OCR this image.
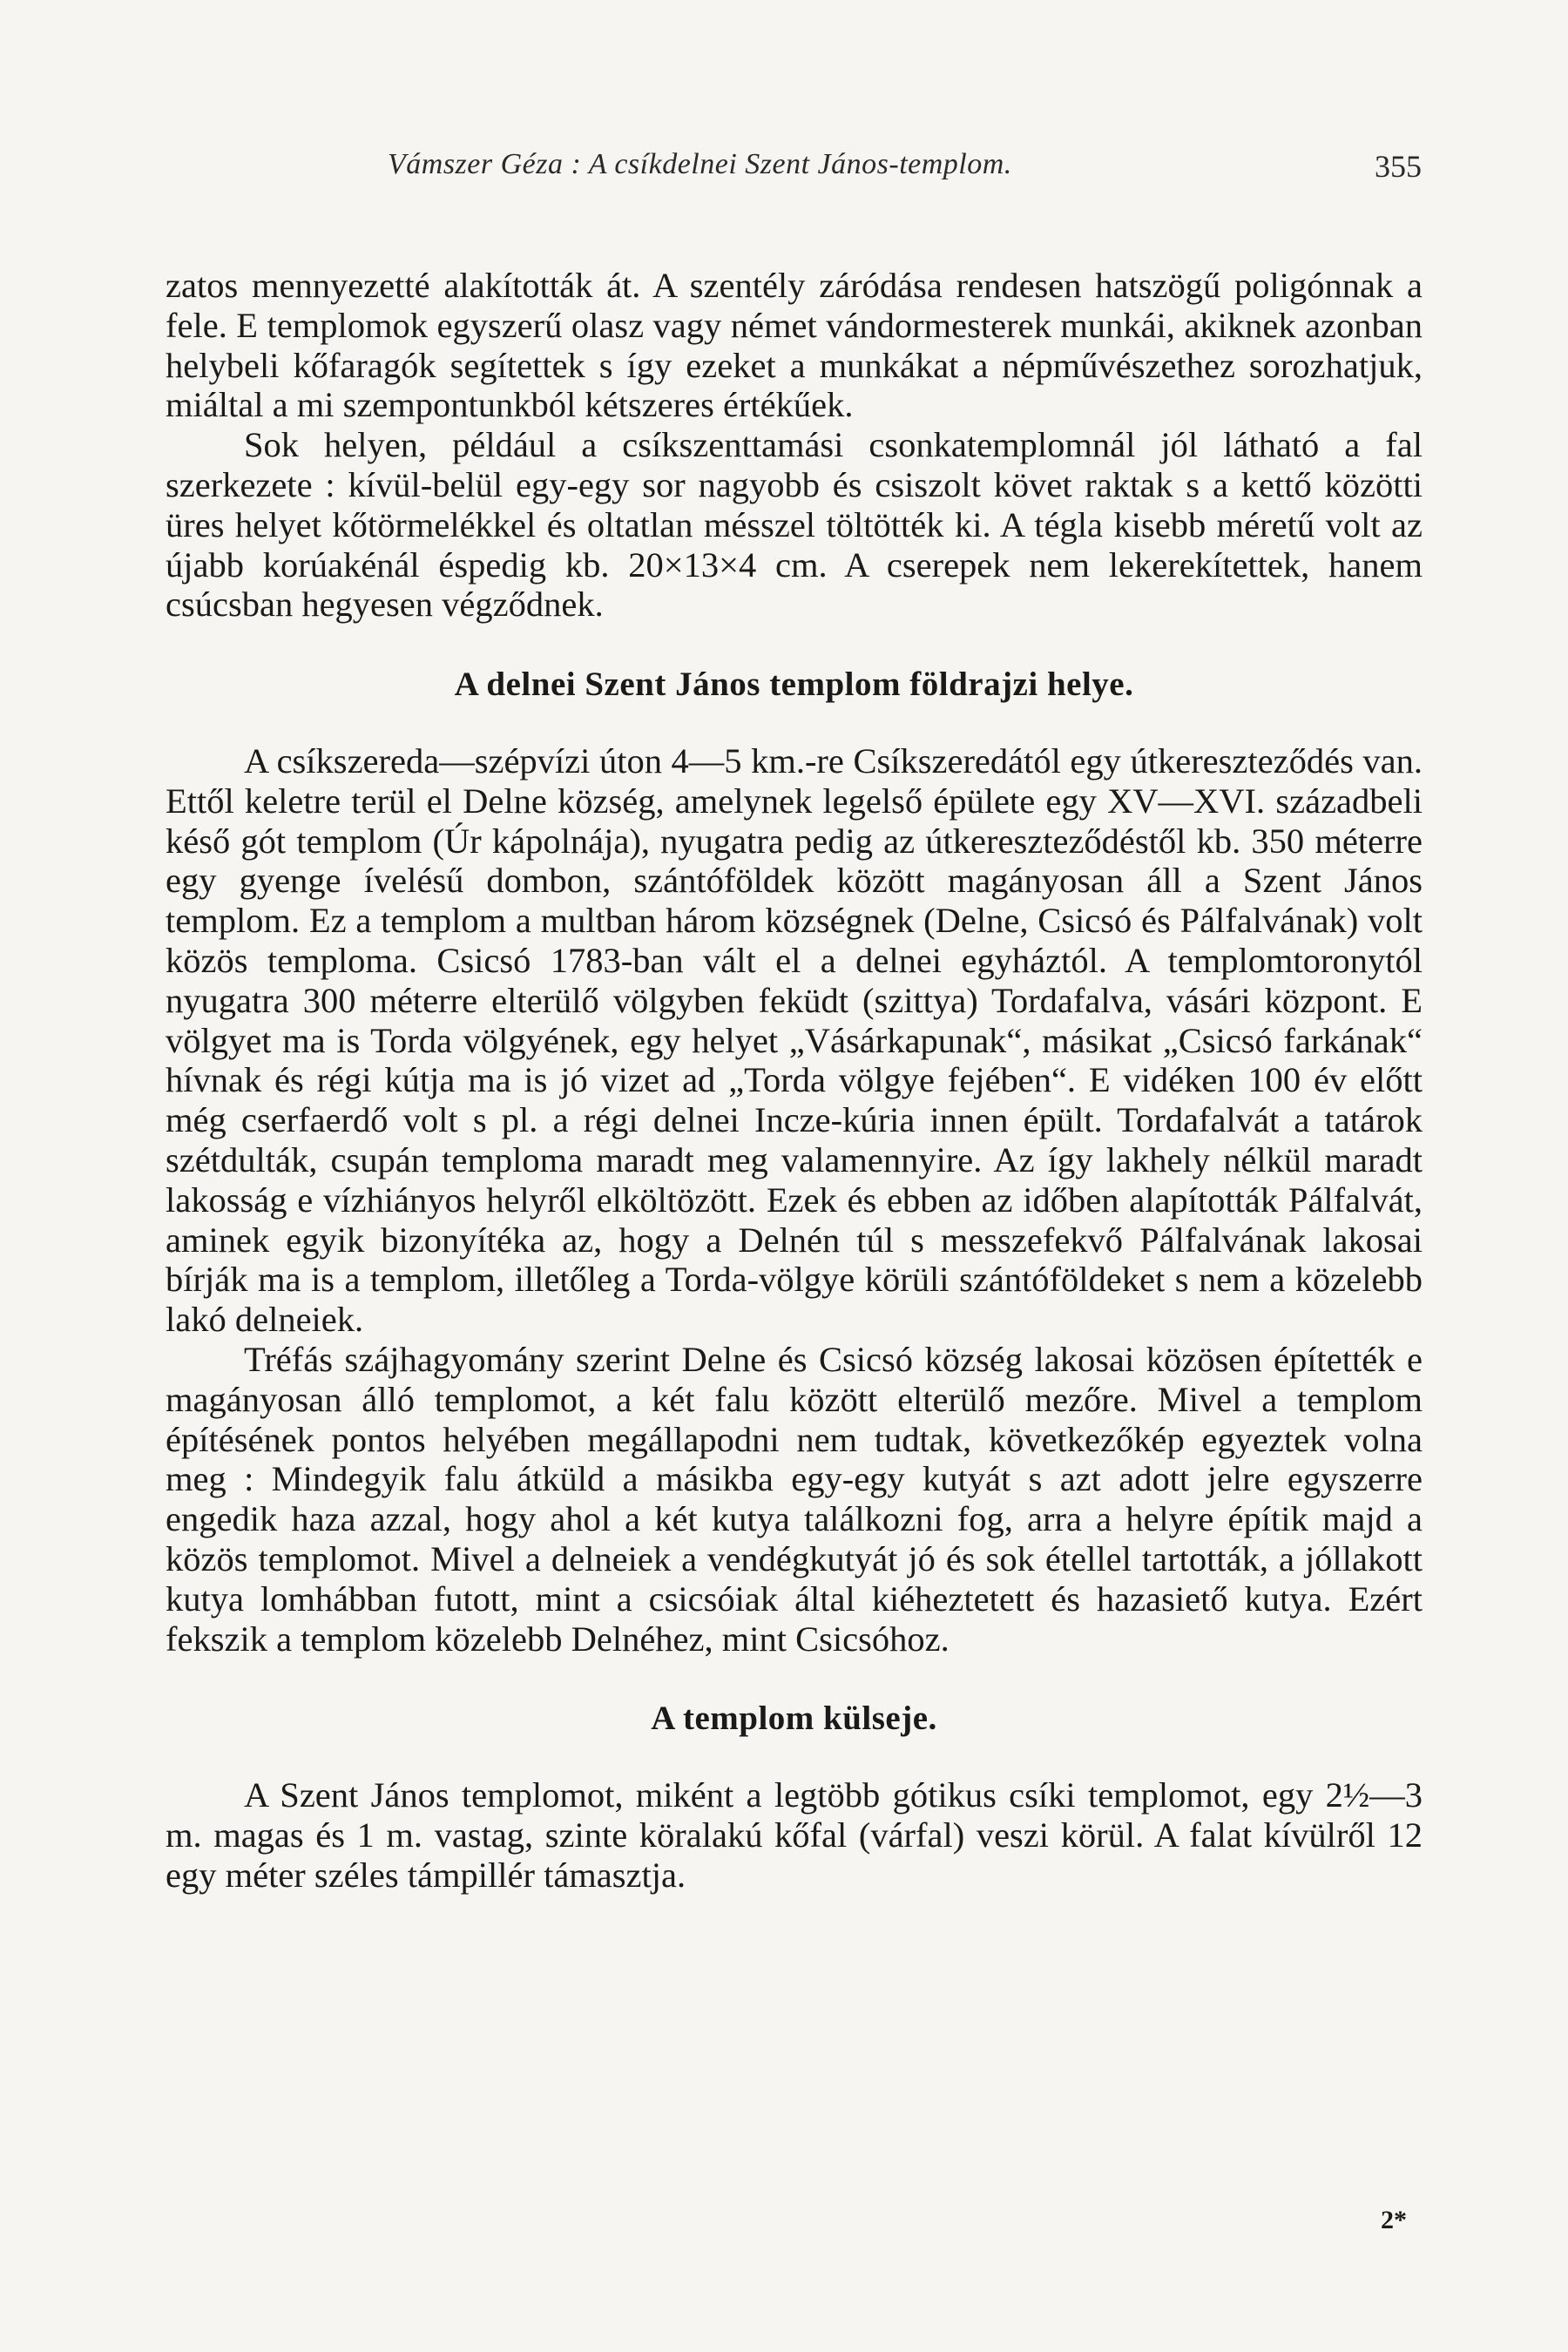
Vámszer Géza : A csíkdelnei Szent János-templom.	355

zatos mennyezetté alakították át. A szentély záródása rendesen hatszögű poligónnak a fele. E templomok egyszerű olasz vagy német vándormesterek munkái, akiknek azonban helybeli kőfaragók segítettek s így ezeket a munkákat a népművészethez sorozhatjuk, miáltal a mi szempontunkból kétszeres értékűek.

Sok helyen, például a csíkszenttamási csonkatemplomnál jól látható a fal szerkezete : kívül-belül egy-egy sor nagyobb és csiszolt követ raktak s a kettő közötti üres helyet kőtörmelékkel és oltatlan mésszel töltötték ki. A tégla kisebb méretű volt az újabb korúakénál éspedig kb. 20×13×4 cm. A cserepek nem lekerekítettek, hanem csúcsban hegyesen végződnek.

A delnei Szent János templom földrajzi helye.

A csíkszereda—szépvízi úton 4—5 km.-re Csíkszeredától egy útkereszteződés van. Ettől keletre terül el Delne község, amelynek legelső épülete egy XV—XVI. századbeli késő gót templom (Úr kápolnája), nyugatra pedig az útkereszteződéstől kb. 350 méterre egy gyenge ívelésű dombon, szántóföldek között magányosan áll a Szent János templom. Ez a templom a multban három községnek (Delne, Csicsó és Pálfalvának) volt közös temploma. Csicsó 1783-ban vált el a delnei egyháztól. A templomtoronytól nyugatra 300 méterre elterülő völgyben feküdt (szittya) Tordafalva, vásári központ. E völgyet ma is Torda völgyének, egy helyet „Vásárkapunak“, másikat „Csicsó farkának“ hívnak és régi kútja ma is jó vizet ad „Torda völgye fejében“. E vidéken 100 év előtt még cserfaerdő volt s pl. a régi delnei Incze-kúria innen épült. Tordafalvát a tatárok szétdulták, csupán temploma maradt meg valamennyire. Az így lakhely nélkül maradt lakosság e vízhiányos helyről elköltözött. Ezek és ebben az időben alapították Pálfalvát, aminek egyik bizonyítéka az, hogy a Delnén túl s messzefekvő Pálfalvának lakosai bírják ma is a templom, illetőleg a Torda-völgye körüli szántóföldeket s nem a közelebb lakó delneiek.

Tréfás szájhagyomány szerint Delne és Csicsó község lakosai közösen építették e magányosan álló templomot, a két falu között elterülő mezőre. Mivel a templom építésének pontos helyében megállapodni nem tudtak, következőkép egyeztek volna meg : Mindegyik falu átküld a másikba egy-egy kutyát s azt adott jelre egyszerre engedik haza azzal, hogy ahol a két kutya találkozni fog, arra a helyre építik majd a közös templomot. Mivel a delneiek a vendégkutyát jó és sok étellel tartották, a jóllakott kutya lomhábban futott, mint a csicsóiak által kiéheztetett és hazasiető kutya. Ezért fekszik a templom közelebb Delnéhez, mint Csicsóhoz.

A templom külseje.

A Szent János templomot, miként a legtöbb gótikus csíki templomot, egy 2½—3 m. magas és 1 m. vastag, szinte köralakú kőfal (várfal) veszi körül. A falat kívülről 12 egy méter széles támpillér támasztja.

2*
